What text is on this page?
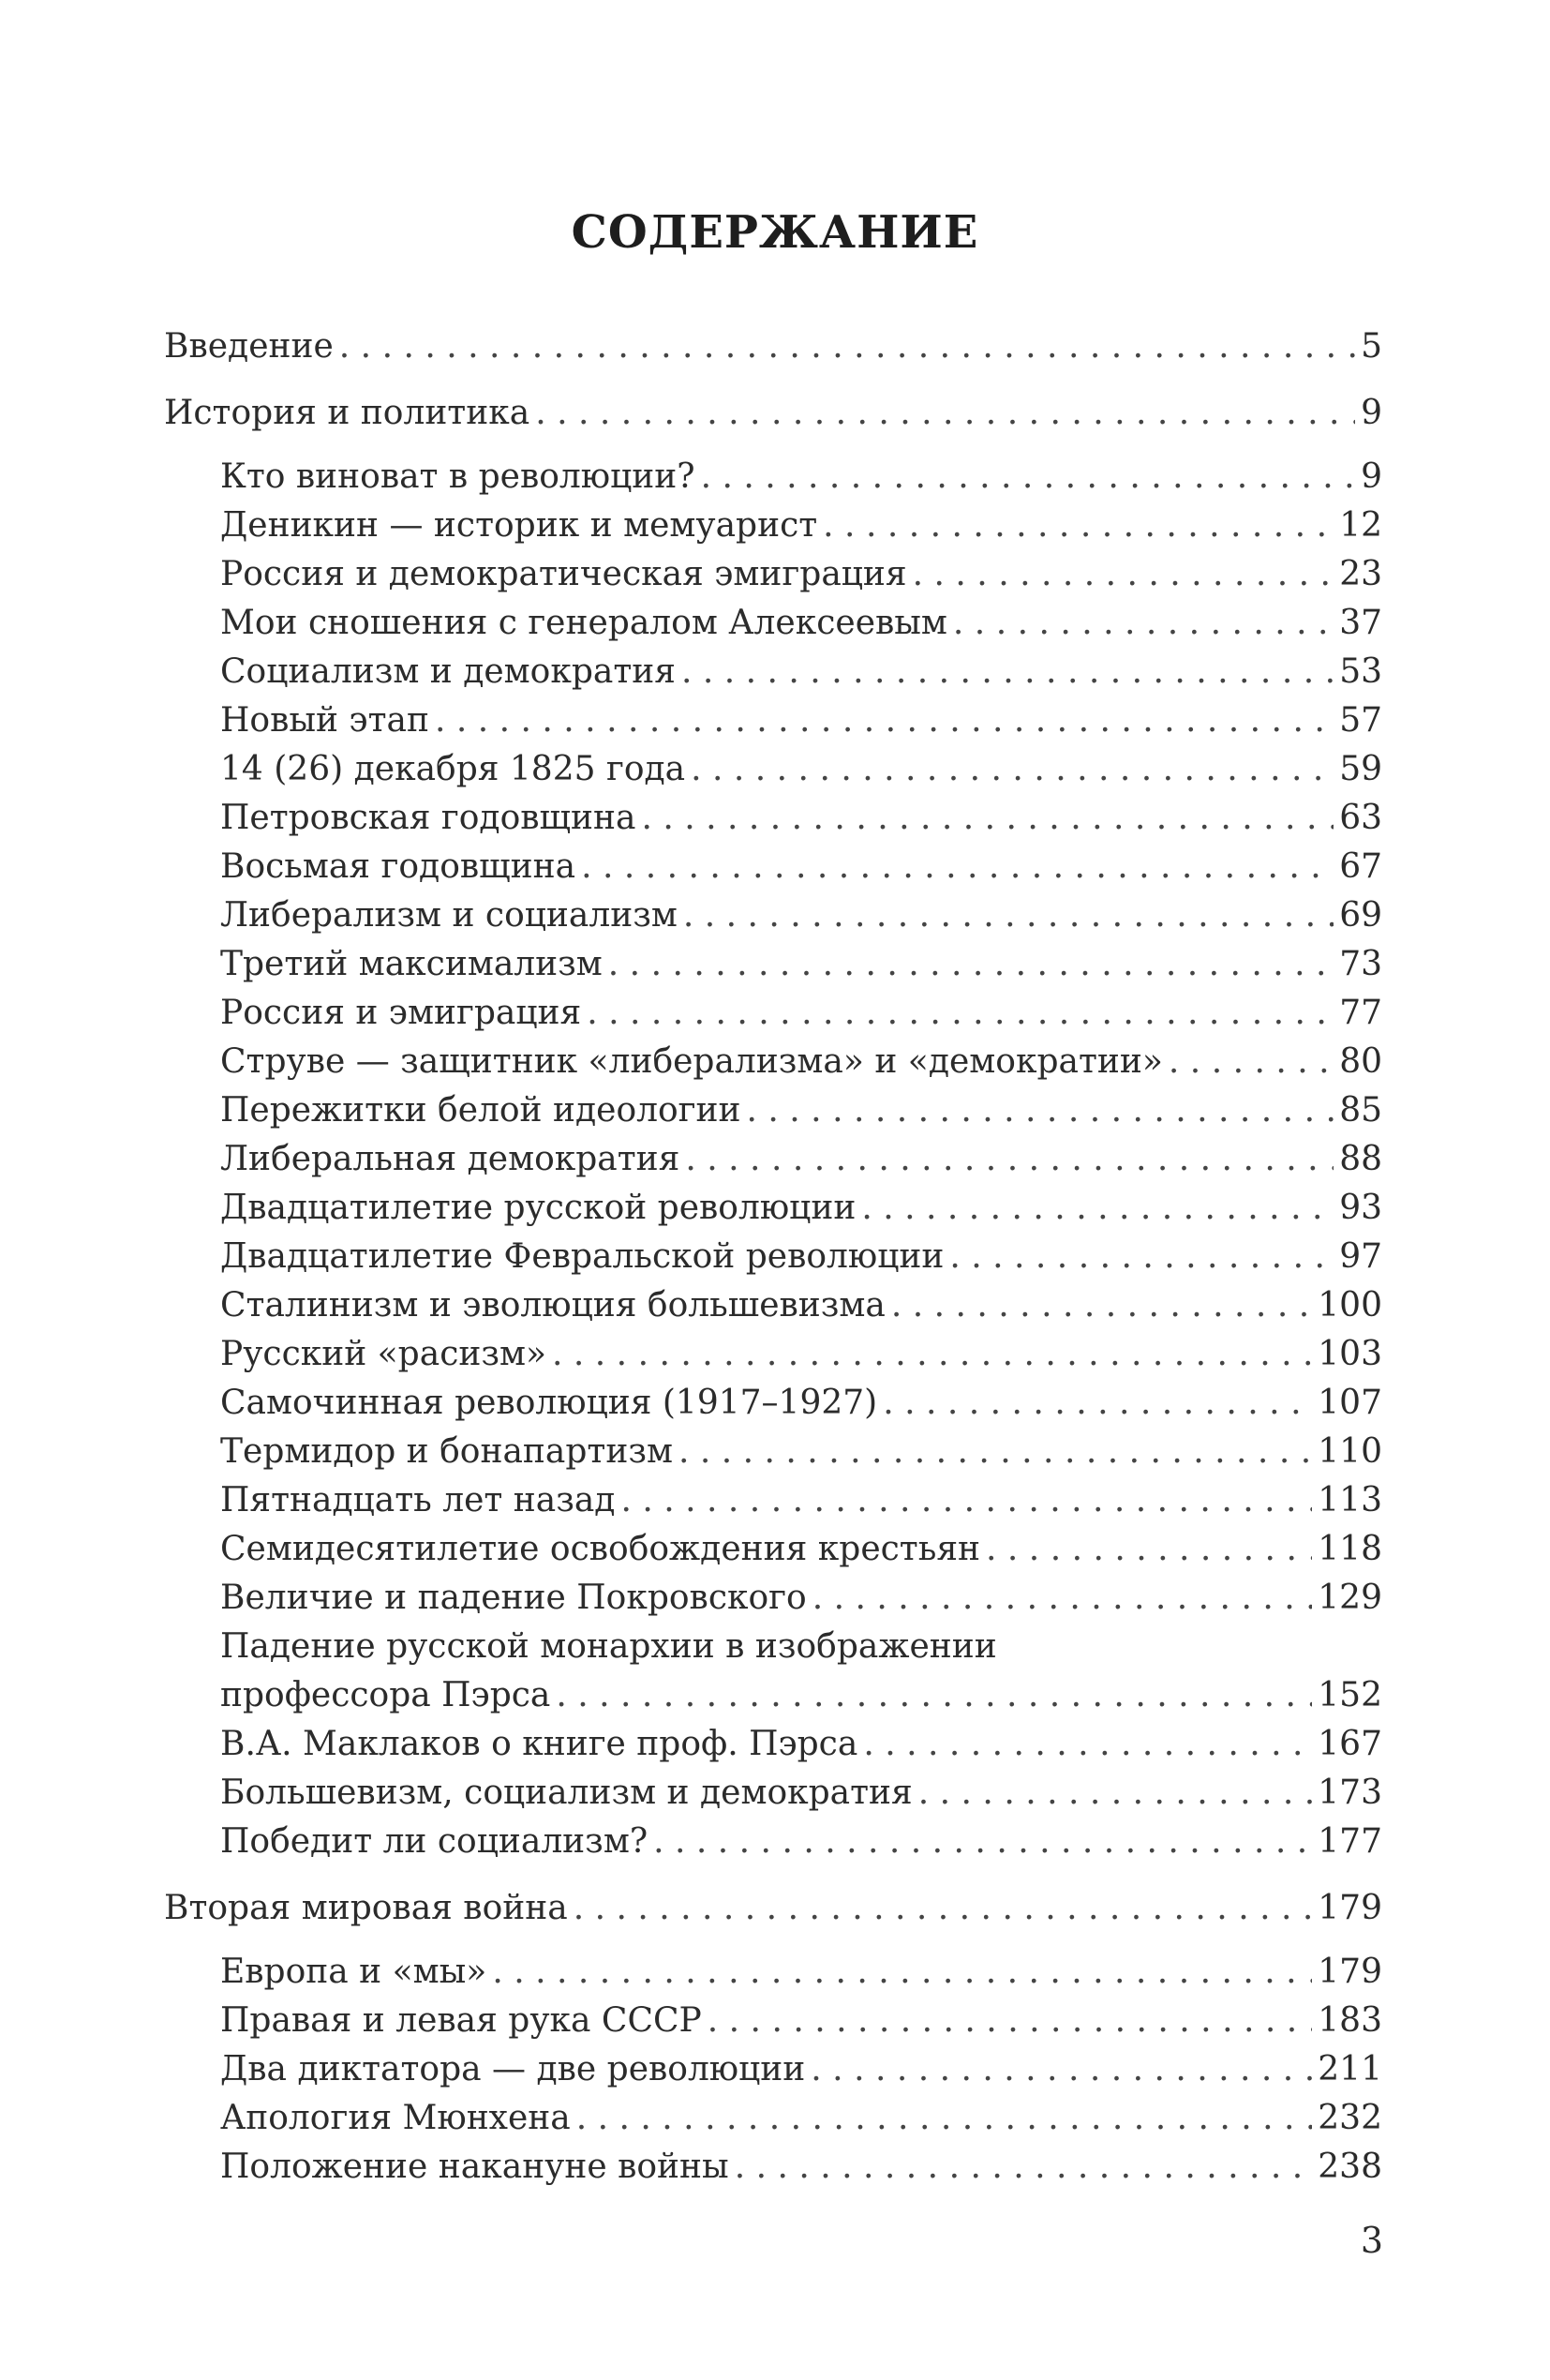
СОДЕРЖАНИЕ
Введение . . .	5
История и политика . . .	9
Кто виноват в революции? . . .	9
Деникин — историк и мемуарист . . .	12
Россия и демократическая эмиграция . . .	23
Мои сношения с генералом Алексеевым . . .	37
Социализм и демократия . . .	53
Новый этап . . .	57
14 (26) декабря 1825 года . . .	59
Петровская годовщина . . .	63
Восьмая годовщина . . .	67
Либерализм и социализм . . .	69
Третий максимализм . . .	73
Россия и эмиграция . . .	77
Струве — защитник «либерализма» и «демократии» . . .	80
Пережитки белой идеологии . . .	85
Либеральная демократия . . .	88
Двадцатилетие русской революции . . .	93
Двадцатилетие Февральской революции . . .	97
Сталинизм и эволюция большевизма . . .	100
Русский «расизм» . . .	103
Самочинная революция (1917–1927) . . .	107
Термидор и бонапартизм . . .	110
Пятнадцать лет назад . . .	113
Семидесятилетие освобождения крестьян . . .	118
Величие и падение Покровского . . .	129
Падение русской монархии в изображении
профессора Пэрса . . .	152
В.А. Маклаков о книге проф. Пэрса . . .	167
Большевизм, социализм и демократия . . .	173
Победит ли социализм? . . .	177
Вторая мировая война . . .	179
Европа и «мы» . . .	179
Правая и левая рука СССР . . .	183
Два диктатора — две революции . . .	211
Апология Мюнхена . . .	232
Положение накануне войны . . .	238
3
